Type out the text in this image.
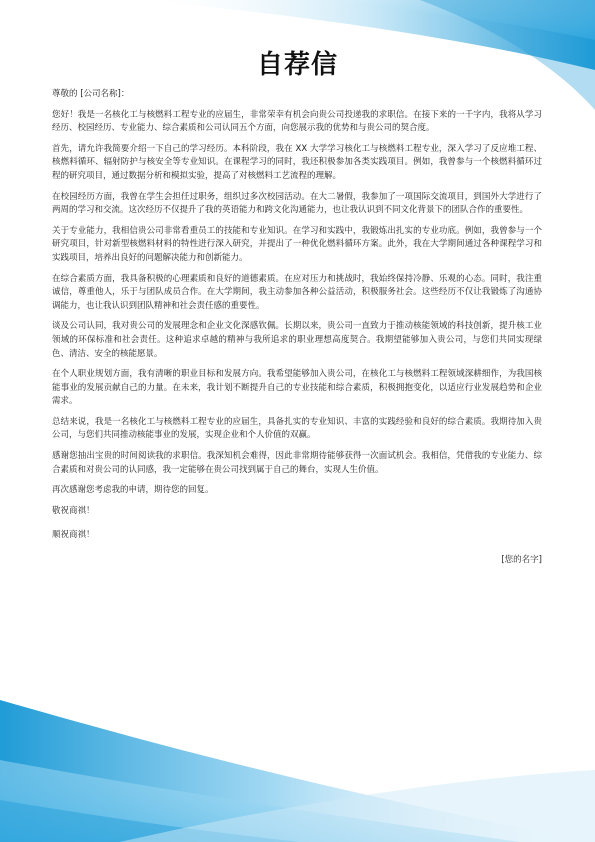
自荐信

尊敬的 [公司名称]：

您好！我是一名核化工与核燃料工程专业的应届生，非常荣幸有机会向贵公司投递我的求职信。在接下来的一千字内，我将从学习经历、校园经历、专业能力、综合素质和公司认同五个方面，向您展示我的优势和与贵公司的契合度。

首先，请允许我简要介绍一下自己的学习经历。本科阶段，我在 XX 大学学习核化工与核燃料工程专业，深入学习了反应堆工程、核燃料循环、辐射防护与核安全等专业知识。在课程学习的同时，我还积极参加各类实践项目。例如，我曾参与一个核燃料循环过程的研究项目，通过数据分析和模拟实验，提高了对核燃料工艺流程的理解。

在校园经历方面，我曾在学生会担任过职务，组织过多次校园活动。在大二暑假，我参加了一项国际交流项目，到国外大学进行了两周的学习和交流。这次经历不仅提升了我的英语能力和跨文化沟通能力，也让我认识到不同文化背景下的团队合作的重要性。

关于专业能力，我相信贵公司非常看重员工的技能和专业知识。在学习和实践中，我锻炼出扎实的专业功底。例如，我曾参与一个研究项目，针对新型核燃料材料的特性进行深入研究，并提出了一种优化燃料循环方案。此外，我在大学期间通过各种课程学习和实践项目，培养出良好的问题解决能力和创新能力。

在综合素质方面，我具备积极的心理素质和良好的道德素质。在应对压力和挑战时，我始终保持冷静、乐观的心态。同时，我注重诚信，尊重他人，乐于与团队成员合作。在大学期间，我主动参加各种公益活动，积极服务社会。这些经历不仅让我锻炼了沟通协调能力，也让我认识到团队精神和社会责任感的重要性。

谈及公司认同，我对贵公司的发展理念和企业文化深感钦佩。长期以来，贵公司一直致力于推动核能领域的科技创新，提升核工业领域的环保标准和社会责任。这种追求卓越的精神与我所追求的职业理想高度契合。我期望能够加入贵公司，与您们共同实现绿色、清洁、安全的核能愿景。

在个人职业规划方面，我有清晰的职业目标和发展方向。我希望能够加入贵公司，在核化工与核燃料工程领域深耕细作，为我国核能事业的发展贡献自己的力量。在未来，我计划不断提升自己的专业技能和综合素质，积极拥抱变化，以适应行业发展趋势和企业需求。

总结来说，我是一名核化工与核燃料工程专业的应届生，具备扎实的专业知识、丰富的实践经验和良好的综合素质。我期待加入贵公司，与您们共同推动核能事业的发展，实现企业和个人价值的双赢。

感谢您抽出宝贵的时间阅读我的求职信。我深知机会难得，因此非常期待能够获得一次面试机会。我相信，凭借我的专业能力、综合素质和对贵公司的认同感，我一定能够在贵公司找到属于自己的舞台，实现人生价值。

再次感谢您考虑我的申请，期待您的回复。

敬祝商祺！

顺祝商祺！

[您的名字]
